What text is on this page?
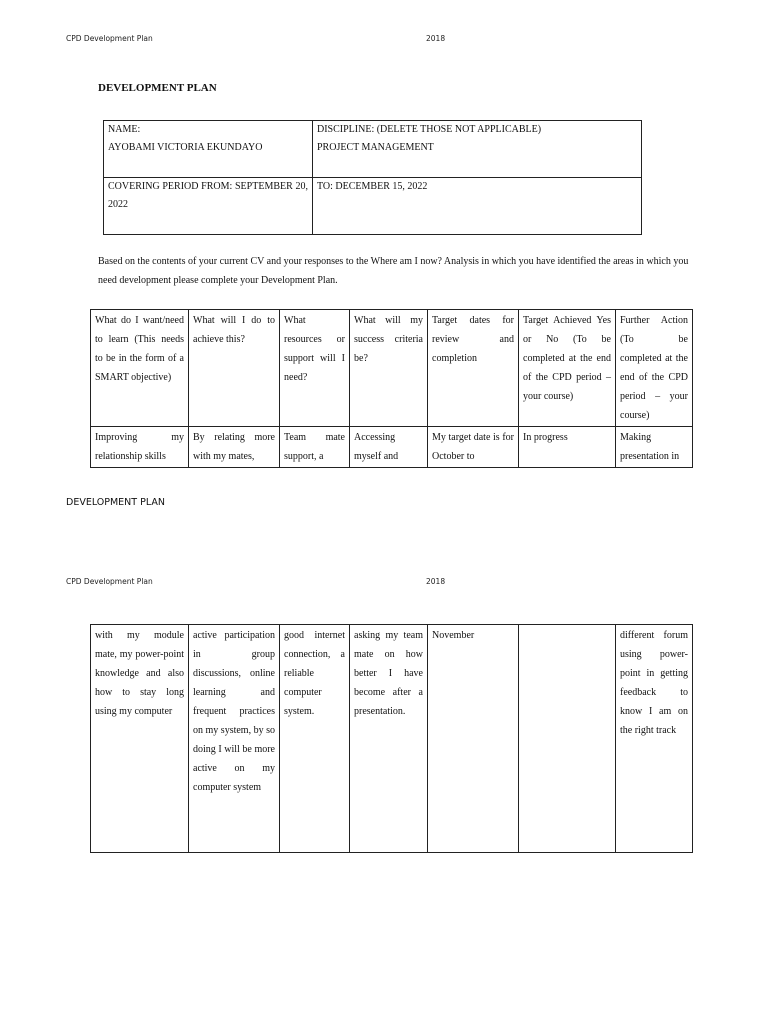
CPD Development Plan	2018
DEVELOPMENT PLAN
NAME:
AYOBAMI VICTORIA EKUNDAYO
DISCIPLINE: (DELETE THOSE NOT APPLICABLE)
PROJECT MANAGEMENT
COVERING PERIOD FROM: SEPTEMBER 20, 2022
TO: DECEMBER 15, 2022
Based on the contents of your current CV and your responses to the Where am I now? Analysis in which you have identified the areas in which you need development please complete your Development Plan.
What do I want/need to learn (This needs to be in the form of a SMART objective)	What will I do to achieve this?	What resources or support will I need?	What will my success criteria be?	Target dates for review and completion	Target Achieved Yes or No (To be completed at the end of the CPD period – your course)	Further Action (To be completed at the end of the CPD period – your course)
Improving my relationship skills	By relating more with my mates,	Team mate support, a	Accessing myself and	My target date is for October to	In progress	Making presentation in
DEVELOPMENT PLAN
CPD Development Plan	2018
with my module mate, my power-point knowledge and also how to stay long using my computer	active participation in group discussions, online learning and frequent practices on my system, by so doing I will be more active on my computer system	good internet connection, a reliable computer system.	asking my team mate on how better I have become after a presentation.	November		different forum using power-point in getting feedback to know I am on the right track
